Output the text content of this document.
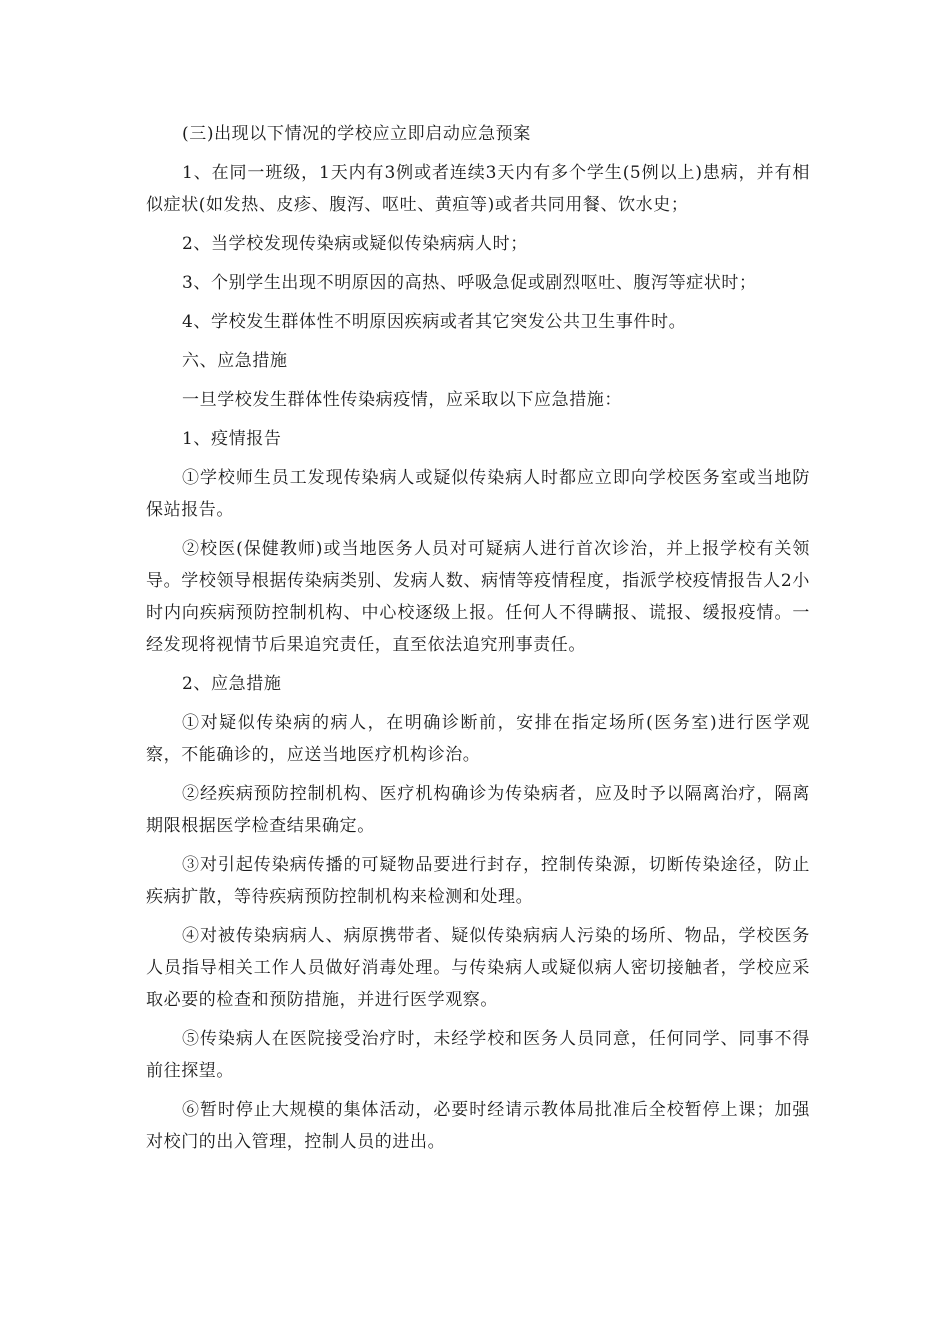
(三)出现以下情况的学校应立即启动应急预案

1、在同一班级，1天内有3例或者连续3天内有多个学生(5例以上)患病，并有相似症状(如发热、皮疹、腹泻、呕吐、黄疸等)或者共同用餐、饮水史；

2、当学校发现传染病或疑似传染病病人时；

3、个别学生出现不明原因的高热、呼吸急促或剧烈呕吐、腹泻等症状时；

4、学校发生群体性不明原因疾病或者其它突发公共卫生事件时。

六、应急措施

一旦学校发生群体性传染病疫情，应采取以下应急措施：

1、疫情报告

①学校师生员工发现传染病人或疑似传染病人时都应立即向学校医务室或当地防保站报告。

②校医(保健教师)或当地医务人员对可疑病人进行首次诊治，并上报学校有关领导。学校领导根据传染病类别、发病人数、病情等疫情程度，指派学校疫情报告人2小时内向疾病预防控制机构、中心校逐级上报。任何人不得瞒报、谎报、缓报疫情。一经发现将视情节后果追究责任，直至依法追究刑事责任。

2、应急措施

①对疑似传染病的病人，在明确诊断前，安排在指定场所(医务室)进行医学观察，不能确诊的，应送当地医疗机构诊治。

②经疾病预防控制机构、医疗机构确诊为传染病者，应及时予以隔离治疗，隔离期限根据医学检查结果确定。

③对引起传染病传播的可疑物品要进行封存，控制传染源，切断传染途径，防止疾病扩散，等待疾病预防控制机构来检测和处理。

④对被传染病病人、病原携带者、疑似传染病病人污染的场所、物品，学校医务人员指导相关工作人员做好消毒处理。与传染病人或疑似病人密切接触者，学校应采取必要的检查和预防措施，并进行医学观察。

⑤传染病人在医院接受治疗时，未经学校和医务人员同意，任何同学、同事不得前往探望。

⑥暂时停止大规模的集体活动，必要时经请示教体局批准后全校暂停上课；加强对校门的出入管理，控制人员的进出。
